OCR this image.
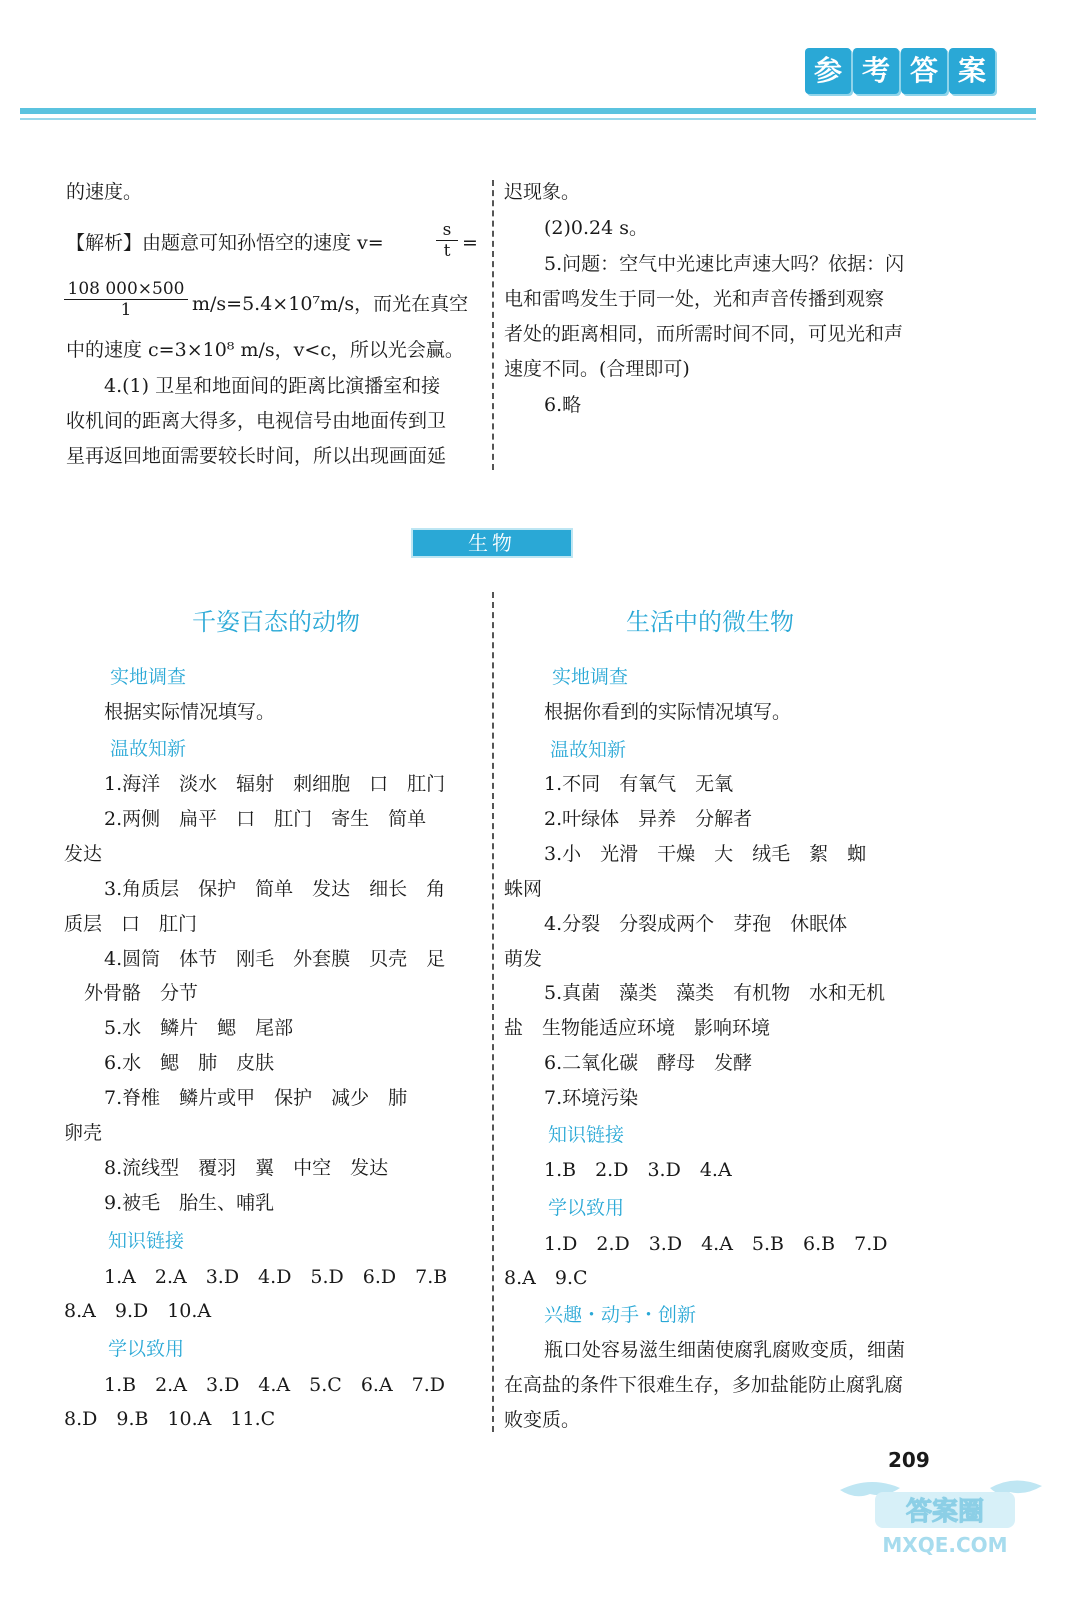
参 考 答 案
的速度。
【解析】由题意可知孙悟空的速度 v=	$\frac{s}{t}$ =
$\frac{108 000\times 500}{1} m/s=5.4\times 10^7m/s$，而光在真空
中的速度 c=3×10⁸ m/s，v<c，所以光会赢。
4.(1) 卫星和地面间的距离比演播室和接
收机间的距离大得多，电视信号由地面传到卫
星再返回地面需要较长时间，所以出现画面延
迟现象。
(2)0.24 s。
5.问题：空气中光速比声速大吗？依据：闪
电和雷鸣发生于同一处，光和声音传播到观察
者处的距离相同，而所需时间不同，可见光和声
速度不同。(合理即可)
6.略
生物
千姿百态的动物
实地调查
根据实际情况填写。
温故知新
1.海洋　淡水　辐射　刺细胞　口　肛门
2.两侧　扁平　口　肛门　寄生　简单
发达
3.角质层　保护　简单　发达　细长　角
质层　口　肛门
4.圆筒　体节　刚毛　外套膜　贝壳　足
外骨骼　分节
5.水　鳞片　鳃　尾部
6.水　鳃　肺　皮肤
7.脊椎　鳞片或甲　保护　减少　肺
卵壳
8.流线型　覆羽　翼　中空　发达
9.被毛　胎生、哺乳
知识链接
1.A　2.A　3.D　4.D　5.D　6.D　7.B
8.A　9.D　10.A
学以致用
1.B　2.A　3.D　4.A　5.C　6.A　7.D
8.D　9.B　10.A　11.C
生活中的微生物
实地调查
根据你看到的实际情况填写。
温故知新
1.不同　有氧气　无氧
2.叶绿体　异养　分解者
3.小　光滑　干燥　大　绒毛　絮　蜘
蛛网
4.分裂　分裂成两个　芽孢　休眠体
萌发
5.真菌　藻类　藻类　有机物　水和无机
盐　生物能适应环境　影响环境
6.二氧化碳　酵母　发酵
7.环境污染
知识链接
1.B　2.D　3.D　4.A
学以致用
1.D　2.D　3.D　4.A　5.B　6.B　7.D
8.A　9.C
兴趣・动手・创新
瓶口处容易滋生细菌使腐乳腐败变质，细菌
在高盐的条件下很难生存，多加盐能防止腐乳腐
败变质。
209
答案圈
MXQE.COM
